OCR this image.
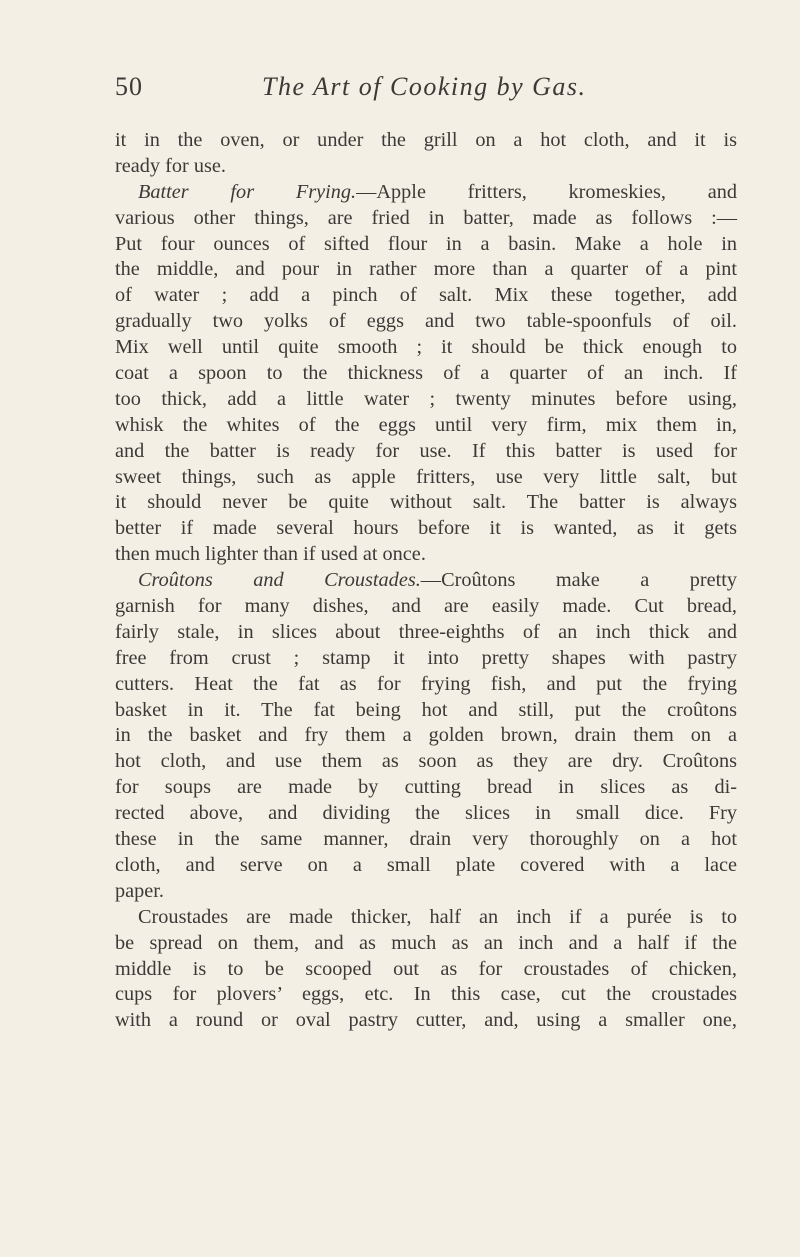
50	The Art of Cooking by Gas.
it in the oven, or under the grill on a hot cloth, and it is
ready for use.
Batter for Frying.—Apple fritters, kromeskies, and
various other things, are fried in batter, made as follows :—
Put four ounces of sifted flour in a basin. Make a hole in
the middle, and pour in rather more than a quarter of a pint
of water ; add a pinch of salt. Mix these together, add
gradually two yolks of eggs and two table-spoonfuls of oil.
Mix well until quite smooth ; it should be thick enough to
coat a spoon to the thickness of a quarter of an inch. If
too thick, add a little water ; twenty minutes before using,
whisk the whites of the eggs until very firm, mix them in,
and the batter is ready for use. If this batter is used for
sweet things, such as apple fritters, use very little salt, but
it should never be quite without salt. The batter is always
better if made several hours before it is wanted, as it gets
then much lighter than if used at once.
Croûtons and Croustades.—Croûtons make a pretty
garnish for many dishes, and are easily made. Cut bread,
fairly stale, in slices about three-eighths of an inch thick and
free from crust ; stamp it into pretty shapes with pastry
cutters. Heat the fat as for frying fish, and put the frying
basket in it. The fat being hot and still, put the croûtons
in the basket and fry them a golden brown, drain them on a
hot cloth, and use them as soon as they are dry. Croûtons
for soups are made by cutting bread in slices as di-
rected above, and dividing the slices in small dice. Fry
these in the same manner, drain very thoroughly on a hot
cloth, and serve on a small plate covered with a lace
paper.
Croustades are made thicker, half an inch if a purée is to
be spread on them, and as much as an inch and a half if the
middle is to be scooped out as for croustades of chicken,
cups for plovers’ eggs, etc. In this case, cut the croustades
with a round or oval pastry cutter, and, using a smaller one,
